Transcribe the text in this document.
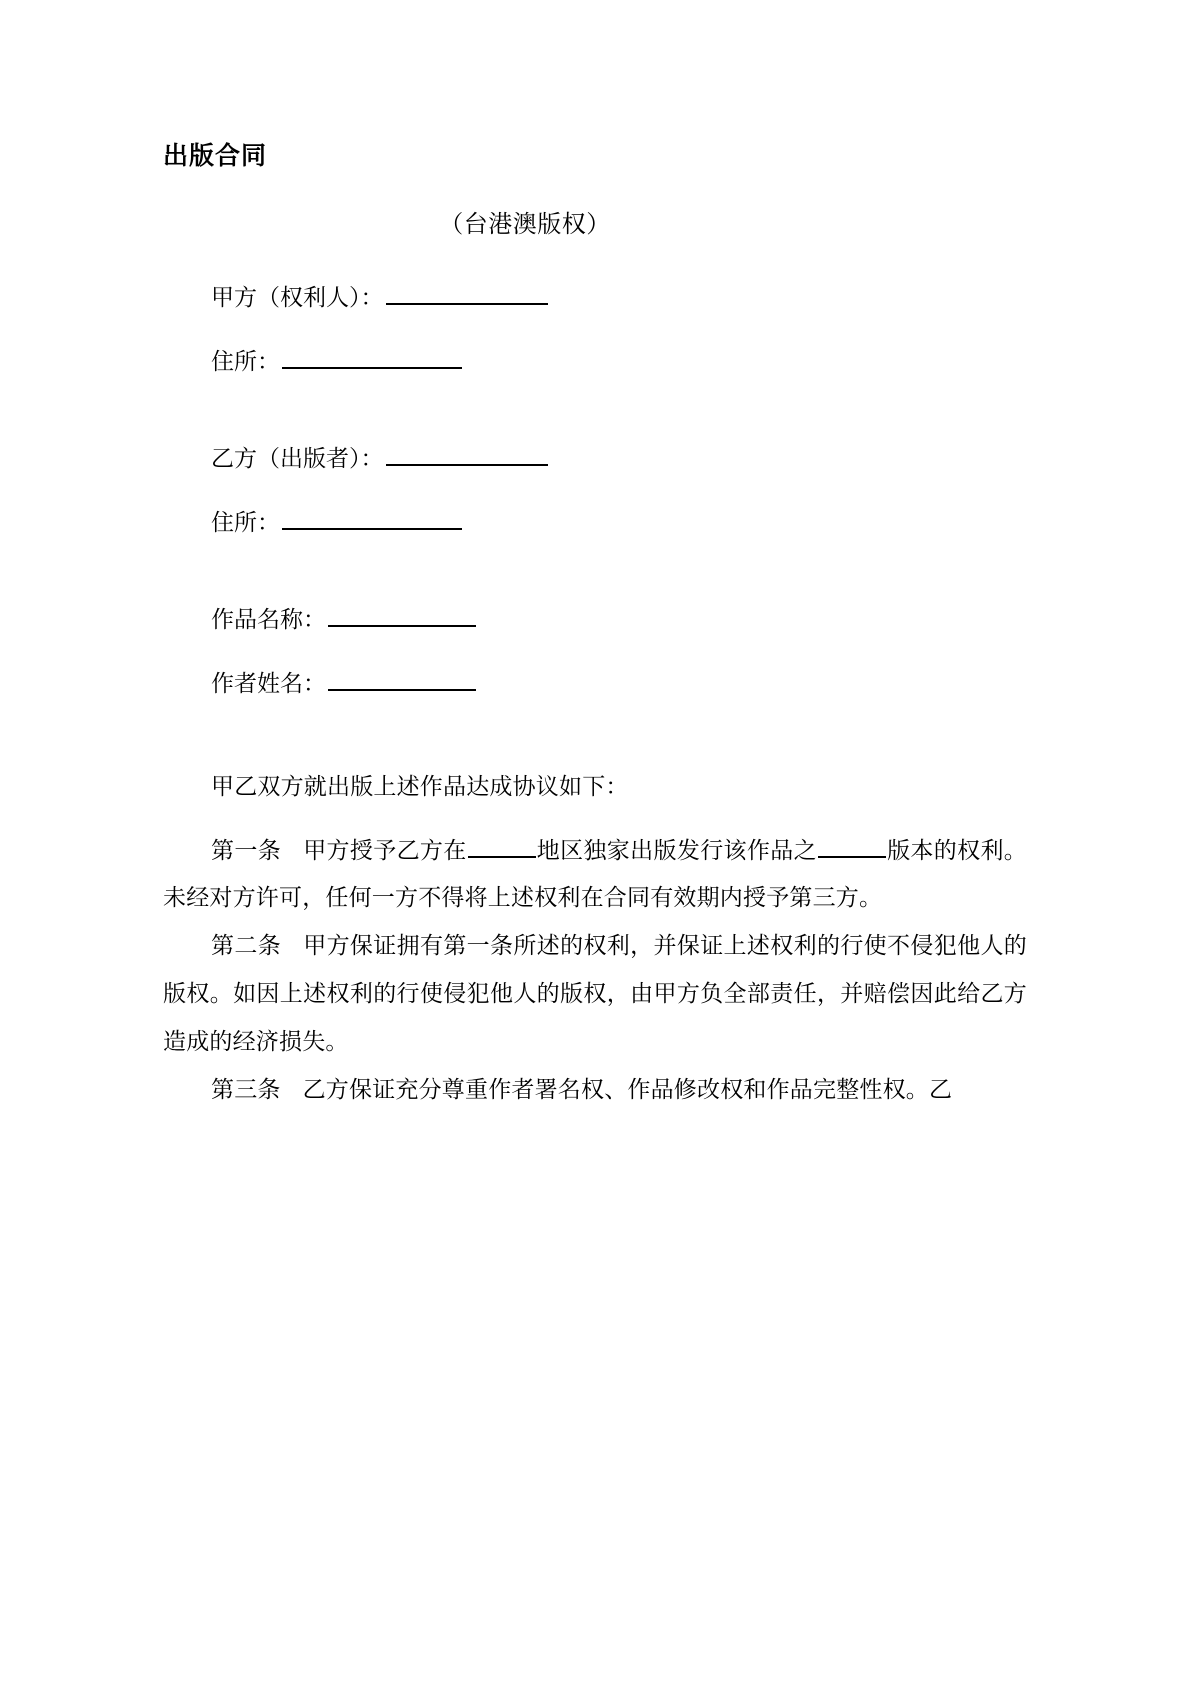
出版合同
（台港澳版权）
甲方（权利人）：
住所：
乙方（出版者）：
住所：
作品名称：
作者姓名：

甲乙双方就出版上述作品达成协议如下：

第一条 甲方授予乙方在	地区独家出版发行该作品之	版本的权利。未经对方许可，任何一方不得将上述权利在合同有效期内授予第三方。

第二条 甲方保证拥有第一条所述的权利，并保证上述权利的行使不侵犯他人的版权。如因上述权利的行使侵犯他人的版权，由甲方负全部责任，并赔偿因此给乙方造成的经济损失。

第三条 乙方保证充分尊重作者署名权、作品修改权和作品完整性权。乙
